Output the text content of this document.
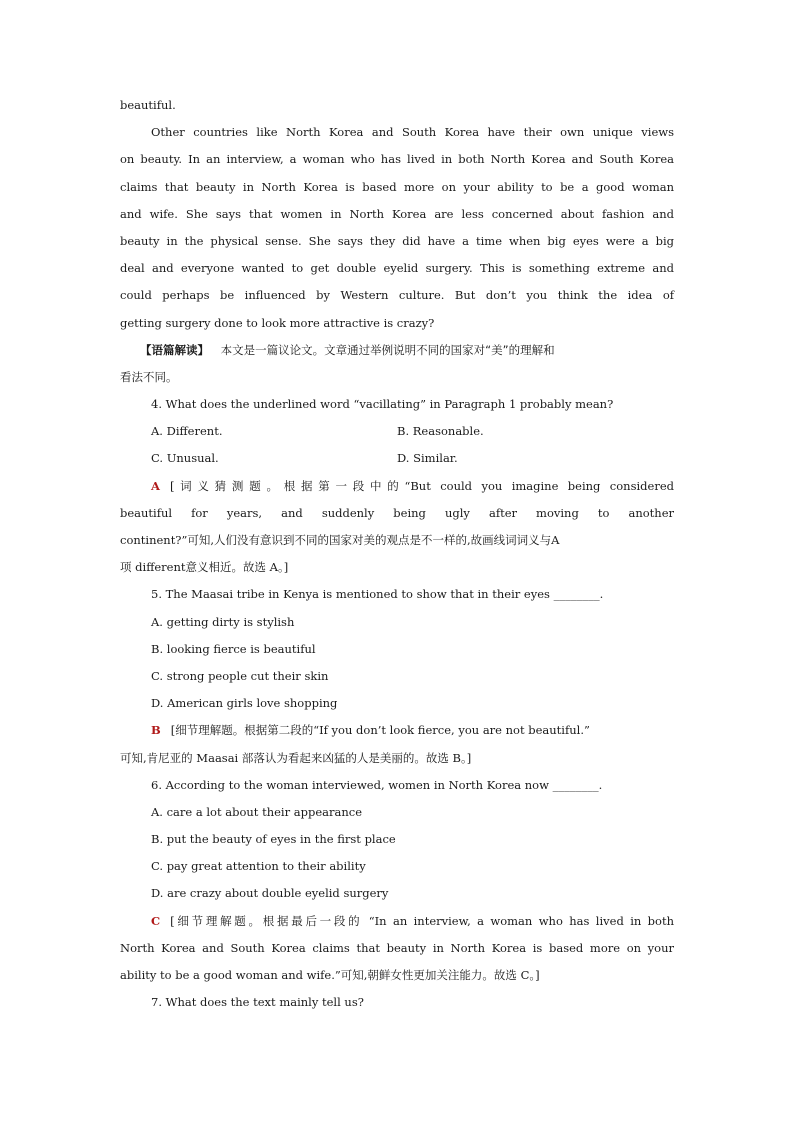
beautiful.
Other countries like North Korea and South Korea have their own unique views
on beauty. In an interview, a woman who has lived in both North Korea and South Korea
claims that beauty in North Korea is based more on your ability to be a good woman
and wife. She says that women in North Korea are less concerned about fashion and
beauty in the physical sense. She says they did have a time when big eyes were a big
deal and everyone wanted to get double eyelid surgery. This is something extreme and
could perhaps be influenced by Western culture. But don’t you think the idea of
getting surgery done to look more attractive is crazy?
【语篇解读】 本文是一篇议论文。文章通过举例说明不同的国家对“美”的理解和
看法不同。
4. What does the underlined word “vacillating” in Paragraph 1 probably mean?
A. Different.	B. Reasonable.
C. Unusual.	D. Similar.
A [词义猜测题。根据第一段中的“But could you imagine being considered
beautiful for years, and suddenly being ugly after moving to another
continent?”可知,人们没有意识到不同的国家对美的观点是不一样的,故画线词词义与A
项 different意义相近。故选 A。]
5. The Maasai tribe in Kenya is mentioned to show that in their eyes ________.
A. getting dirty is stylish
B. looking fierce is beautiful
C. strong people cut their skin
D. American girls love shopping
B [细节理解题。根据第二段的“If you don’t look fierce, you are not beautiful.”
可知,肯尼亚的 Maasai 部落认为看起来凶猛的人是美丽的。故选 B。]
6. According to the woman interviewed, women in North Korea now ________.
A. care a lot about their appearance
B. put the beauty of eyes in the first place
C. pay great attention to their ability
D. are crazy about double eyelid surgery
C [细节理解题。根据最后一段的 “In an interview, a woman who has lived in both
North Korea and South Korea claims that beauty in North Korea is based more on your
ability to be a good woman and wife.”可知,朝鲜女性更加关注能力。故选 C。]
7. What does the text mainly tell us?
